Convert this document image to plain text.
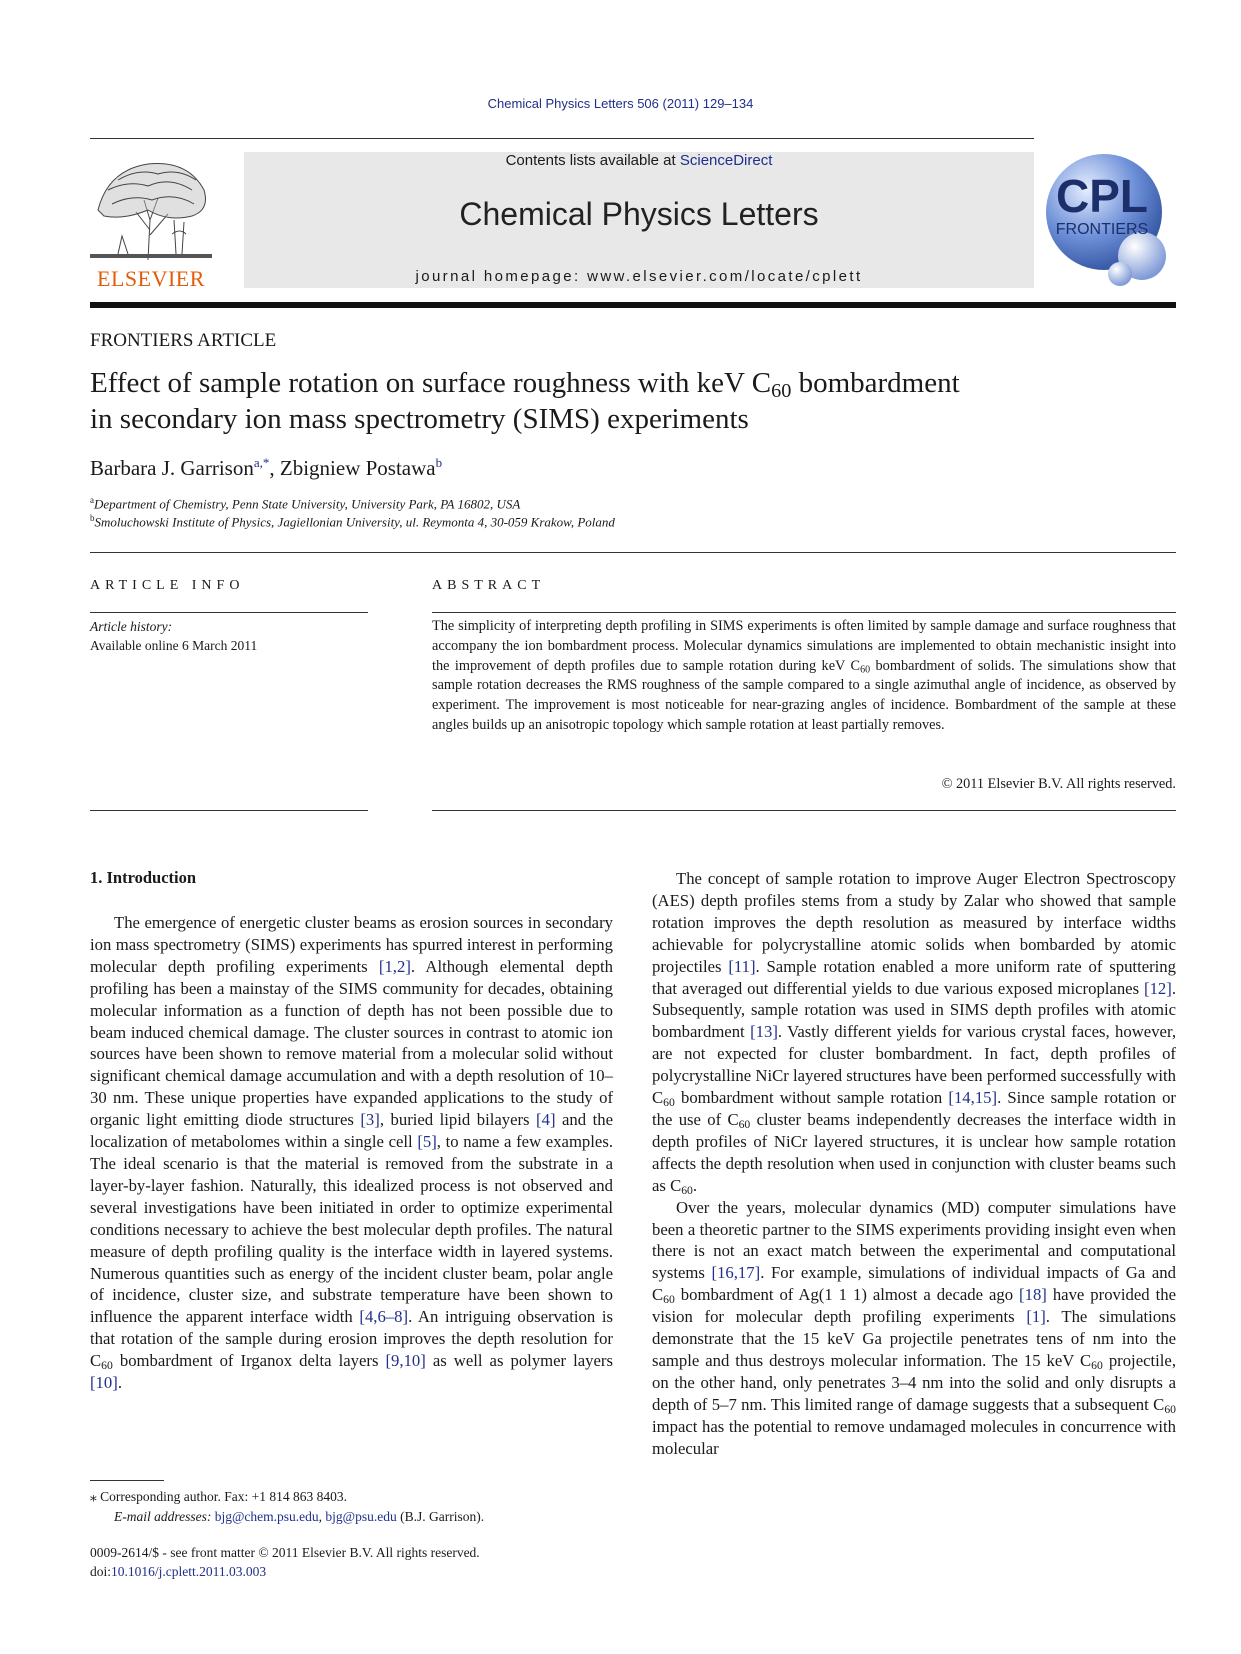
Chemical Physics Letters 506 (2011) 129–134
ELSEVIER
Contents lists available at ScienceDirect
Chemical Physics Letters
journal homepage: www.elsevier.com/locate/cplett
CPL
FRONTIERS
FRONTIERS ARTICLE
Effect of sample rotation on surface roughness with keV $C_{60}$ bombardment
in secondary ion mass spectrometry (SIMS) experiments
Barbara J. Garrison$^{a,*}$, Zbigniew Postawa$^b$
$^a$Department of Chemistry, Penn State University, University Park, PA 16802, USA
$^b$Smoluchowski Institute of Physics, Jagiellonian University, ul. Reymonta 4, 30-059 Krakow, Poland
ARTICLE INFO
Article history:
Available online 6 March 2011
ABSTRACT
The simplicity of interpreting depth profiling in SIMS experiments is often limited by sample damage and surface roughness that accompany the ion bombardment process. Molecular dynamics simulations are implemented to obtain mechanistic insight into the improvement of depth profiles due to sample rotation during keV $C_{60}$ bombardment of solids. The simulations show that sample rotation decreases the RMS roughness of the sample compared to a single azimuthal angle of incidence, as observed by experiment. The improvement is most noticeable for near-grazing angles of incidence. Bombardment of the sample at these angles builds up an anisotropic topology which sample rotation at least partially removes.
© 2011 Elsevier B.V. All rights reserved.
1. Introduction

The emergence of energetic cluster beams as erosion sources in secondary ion mass spectrometry (SIMS) experiments has spurred interest in performing molecular depth profiling experiments [1,2]. Although elemental depth profiling has been a mainstay of the SIMS community for decades, obtaining molecular information as a function of depth has not been possible due to beam induced chemical damage. The cluster sources in contrast to atomic ion sources have been shown to remove material from a molecular solid without significant chemical damage accumulation and with a depth resolution of 10–30 nm. These unique properties have expanded applications to the study of organic light emitting diode structures [3], buried lipid bilayers [4] and the localization of metabolomes within a single cell [5], to name a few examples. The ideal scenario is that the material is removed from the substrate in a layer-by-layer fashion. Naturally, this idealized process is not observed and several investigations have been initiated in order to optimize experimental conditions necessary to achieve the best molecular depth profiles. The natural measure of depth profiling quality is the interface width in layered systems. Numerous quantities such as energy of the incident cluster beam, polar angle of incidence, cluster size, and substrate temperature have been shown to influence the apparent interface width [4,6–8]. An intriguing observation is that rotation of the sample during erosion improves the depth resolution for $C_{60}$ bombardment of Irganox delta layers [9,10] as well as polymer layers [10].

The concept of sample rotation to improve Auger Electron Spectroscopy (AES) depth profiles stems from a study by Zalar who showed that sample rotation improves the depth resolution as measured by interface widths achievable for polycrystalline atomic solids when bombarded by atomic projectiles [11]. Sample rotation enabled a more uniform rate of sputtering that averaged out differential yields to due various exposed microplanes [12]. Subsequently, sample rotation was used in SIMS depth profiles with atomic bombardment [13]. Vastly different yields for various crystal faces, however, are not expected for cluster bombardment. In fact, depth profiles of polycrystalline NiCr layered structures have been performed successfully with $C_{60}$ bombardment without sample rotation [14,15]. Since sample rotation or the use of $C_{60}$ cluster beams independently decreases the interface width in depth profiles of NiCr layered structures, it is unclear how sample rotation affects the depth resolution when used in conjunction with cluster beams such as $C_{60}$.

Over the years, molecular dynamics (MD) computer simulations have been a theoretic partner to the SIMS experiments providing insight even when there is not an exact match between the experimental and computational systems [16,17]. For example, simulations of individual impacts of Ga and $C_{60}$ bombardment of Ag(1 1 1) almost a decade ago [18] have provided the vision for molecular depth profiling experiments [1]. The simulations demonstrate that the 15 keV Ga projectile penetrates tens of nm into the sample and thus destroys molecular information. The 15 keV $C_{60}$ projectile, on the other hand, only penetrates 3–4 nm into the solid and only disrupts a depth of 5–7 nm. This limited range of damage suggests that a subsequent $C_{60}$ impact has the potential to remove undamaged molecules in concurrence with molecular

⁎ Corresponding author. Fax: +1 814 863 8403.
E-mail addresses: bjg@chem.psu.edu, bjg@psu.edu (B.J. Garrison).
0009-2614/$ - see front matter © 2011 Elsevier B.V. All rights reserved.
doi:10.1016/j.cplett.2011.03.003
